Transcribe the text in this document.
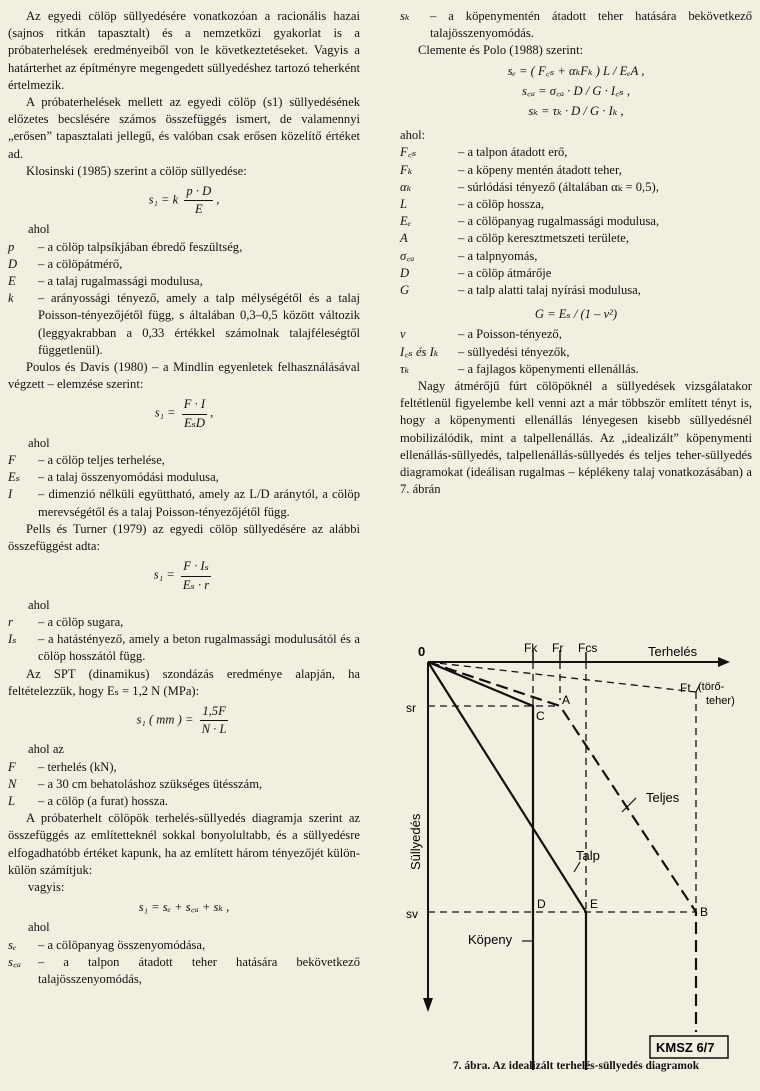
Az egyedi cölöp süllyedésére vonatkozóan a racionális hazai (sajnos ritkán tapasztalt) és a nemzetközi gyakorlat is a próbaterhelések eredményeiből von le következtetéseket. Vagyis a határterhet az építményre megengedett süllyedéshez tartozó teherként értelmezik.

A próbaterhelések mellett az egyedi cölöp (s1) süllyedésének előzetes becslésére számos összefüggés ismert, de valamennyi „erősen” tapasztalati jellegű, és valóban csak erősen közelítő értéket ad.

Klosinski (1985) szerint a cölöp süllyedése:

s₁ = k $\frac{p \cdot D}{E}$ ,

ahol

p	– a cölöp talpsíkjában ébredő feszültség,
D	– a cölöpátmérő,
E	– a talaj rugalmassági modulusa,
k	– arányossági tényező, amely a talp mélységétől és a talaj Poisson-tényezőjétől függ, s általában 0,3–0,5 között változik (leggyakrabban a 0,33 értékkel számolnak talajféleségtől függetlenül).

Poulos és Davis (1980) – a Mindlin egyenletek felhasználásával végzett – elemzése szerint:

$s_1 = \frac{F \cdot I}{\text{EₛD}}$ ,

ahol

F	– a cölöp teljes terhelése,
Eₛ	– a talaj összenyomódási modulusa,
I	– dimenzió nélküli együttható, amely az L/D aránytól, a cölöp merevségétől és a talaj Poisson-tényezőjétől függ.

Pells és Turner (1979) az egyedi cölöp süllyedésére az alábbi összefüggést adta:

$s_1 = \frac{\text{F · Iₛ}}{\text{Eₛ · r}}$

ahol

r	– a cölöp sugara,
Iₛ	– a hatástényező, amely a beton rugalmassági modulusától és a cölöp hosszától függ.

Az SPT (dinamikus) szondázás eredménye alapján, ha feltételezzük, hogy Eₛ = 1,2 N (MPa):

s₁ ( mm ) = $\frac{1,5F}{N \cdot L}$

ahol az

F	– terhelés (kN),
N	– a 30 cm behatoláshoz szükséges ütésszám,
L	– a cölöp (a furat) hossza.

A próbaterhelt cölöpök terhelés-süllyedés diagramja szerint az összefüggés az említetteknél sokkal bonyolultabb, és a süllyedésre elfogadhatóbb értéket kapunk, ha az említett három tényezőjét külön-külön számítjuk:

vagyis:

s₁ = sₑ + s꜀ₐ + sₖ ,

ahol

sₑ	– a cölöpanyag összenyomódása,
s꜀ₐ	– a talpon átadott teher hatására bekövetkező talajösszenyomódás,
sₖ	– a köpenymentén átadott teher hatására bekövetkező talajösszenyomódás.

Clemente és Polo (1988) szerint:

sₑ = ( F꜀ₛ + αₖFₖ ) L / EₑA ,
s꜀ₐ = σ꜀ₐ · D / G · I꜀ₛ ,
sₖ = τₖ · D / G · Iₖ ,

ahol:

F꜀ₛ	– a talpon átadott erő,
Fₖ	– a köpeny mentén átadott teher,
αₖ	– súrlódási tényező (általában αₖ = 0,5),
L	– a cölöp hossza,
Eₑ	– a cölöpanyag rugalmassági modulusa,
A	– a cölöp keresztmetszeti területe,
σ꜀ₐ	– a talpnyomás,
D	– a cölöp átmárője
G	– a talp alatti talaj nyírási modulusa,
G = Eₛ / (1 – ν²)
ν	– a Poisson-tényező,
I꜀ₛ és Iₖ	– süllyedési tényezők,
τₖ	– a fajlagos köpenymenti ellenállás.

Nagy átmérőjű fúrt cölöpöknél a süllyedések vizsgálatakor feltétlenül figyelembe kell venni azt a már többször említett tényt is, hogy a köpenymenti ellenállás lényegesen kisebb süllyedésnél mobilizálódik, mint a talpellenállás. Az „idealizált” köpenymenti ellenállás-süllyedés, talpellenállás-süllyedés és teljes teher-süllyedés diagramokat (ideálisan rugalmas – képlékeny talaj vonatkozásában) a 7. ábrán

0	Terhelés
Süllyedés
Fk Fr Fcs
Ft (törő-
teher)
sr
sv
A
B
C
D	E
Teljes
Talp
Köpeny
KMSZ 6/7
7. ábra. Az idealizált terhelés-süllyedés diagramok
